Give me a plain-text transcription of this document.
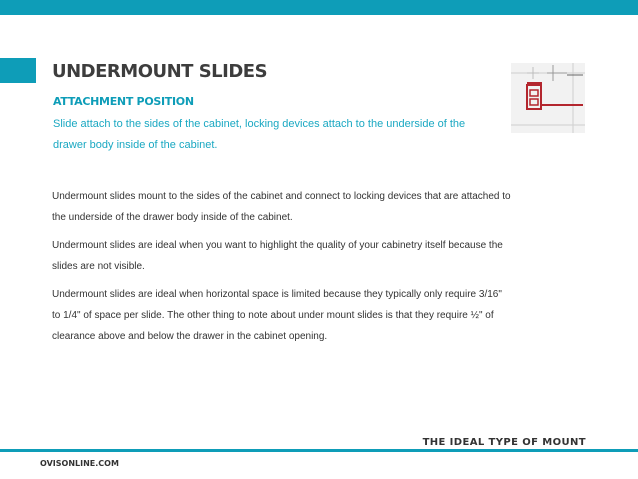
UNDERMOUNT SLIDES
ATTACHMENT POSITION

Slide attach to the sides of the cabinet, locking devices attach to the underside of the drawer body inside of the cabinet.

Undermount slides mount to the sides of the cabinet and connect to locking devices that are attached to the underside of the drawer body inside of the cabinet.

Undermount slides are ideal when you want to highlight the quality of your cabinetry itself because the slides are not visible.

Undermount slides are ideal when horizontal space is limited because they typically only require 3/16" to 1/4" of space per slide. The other thing to note about under mount slides is that they require ½" of clearance above and below the drawer in the cabinet opening.

THE IDEAL TYPE OF MOUNT

OVISONLINE.COM
